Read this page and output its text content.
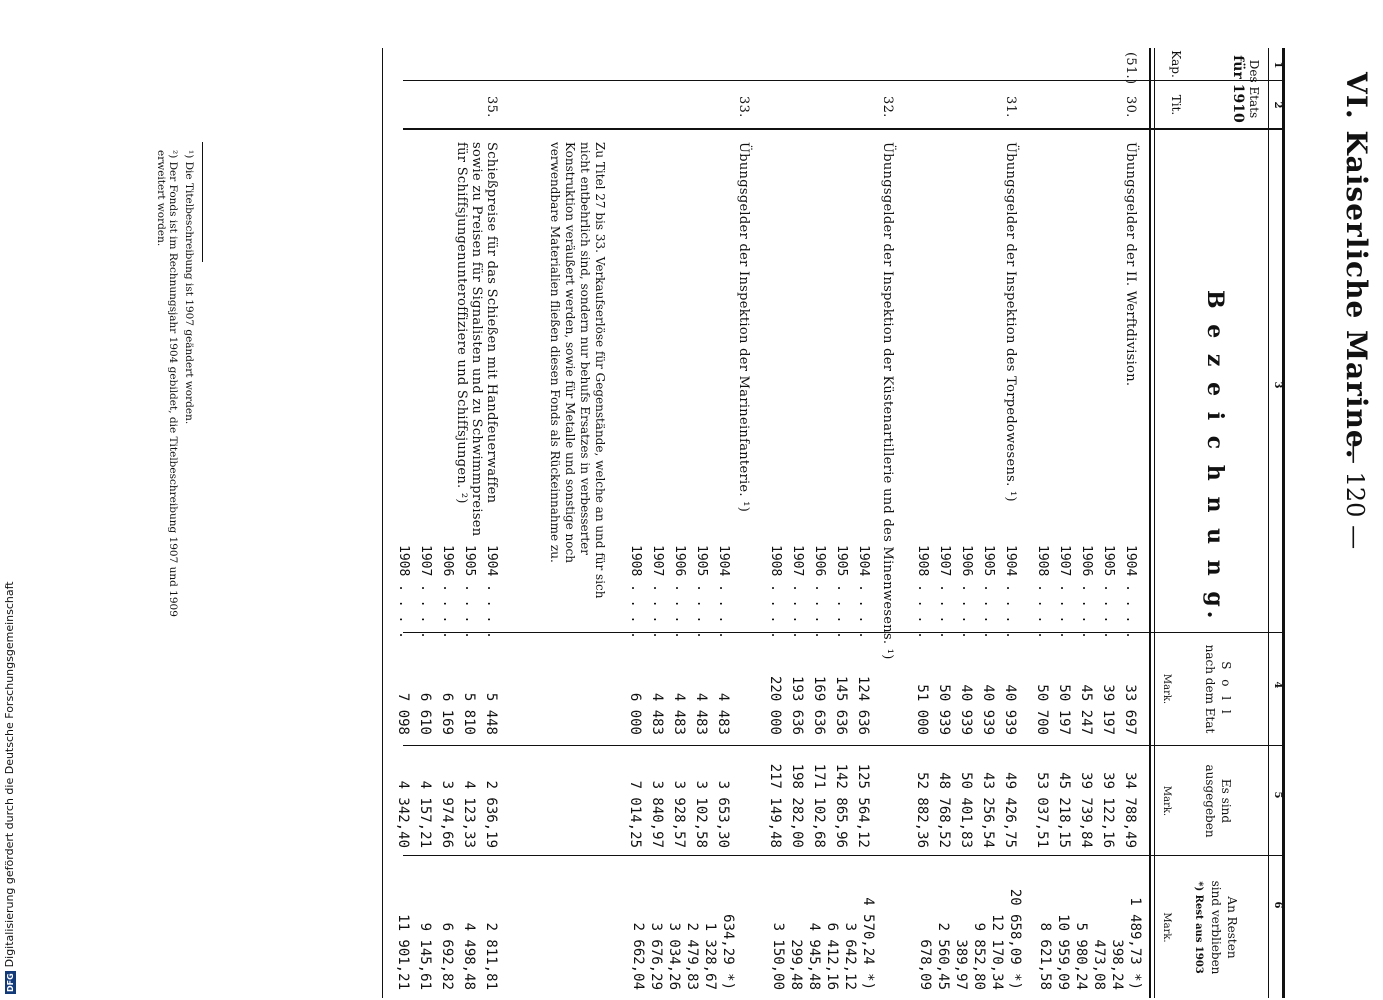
DFGDigitalisierung gefördert durch die Deutsche Forschungsgemeinschaft
VI. Kaiserliche Marine.
— 120 —
1
2
3
4
5
6
Des Etats
für 1910
Kap.
Tit.
B e z e i c h n u n g.
S o l l
nach dem Etat
Mark.
Es sind
ausgegeben
Mark.
An Resten
sind verblieben
*) Rest aus 1903
Mark.
(51.)
30.
Übungsgelder der II. Werftdivision.
1904 . . . .
1905 . . . .
1906 . . . .
1907 . . . .
1908 . . . .
33 697
39 197
45 247
50 197
50 700
34 788,49
39 122,16
39 739,84
45 218,15
53 037,51
1 489,73 *)
398,24
473,08
5 980,24
10 959,09
8 621,58
31.
Übungsgelder der Inspektion des Torpedowesens. ¹)
1904 . . . .
1905 . . . .
1906 . . . .
1907 . . . .
1908 . . . .
40 939
40 939
40 939
50 939
51 000
49 426,75
43 256,54
50 401,83
48 768,52
52 882,36
20 658,09 *)
12 170,34
9 852,80
389,97
2 560,45
678,09
32.
Übungsgelder der Inspektion der Küstenartillerie und des Minenwesens. ¹)
1904 . . . .
1905 . . . .
1906 . . . .
1907 . . . .
1908 . . . .
124 636
145 636
169 636
193 636
220 000
125 564,12
142 865,96
171 102,68
198 282,00
217 149,48
4 570,24 *)
3 642,12
6 412,16
4 945,48
299,48
3 150,00
33.
Übungsgelder der Inspektion der Marineinfanterie. ¹)
1904 . . . .
1905 . . . .
1906 . . . .
1907 . . . .
1908 . . . .
4 483
4 483
4 483
4 483
6 000
3 653,30
3 102,58
3 928,57
3 840,97
7 014,25
634,29 *)
1 328,67
2 479,83
3 034,26
3 676,29
2 662,04
Zu Titel 27 bis 33. Verkaufserlöse für Gegenstände, welche an und für sich nicht entbehrlich sind, sondern nur behufs Ersatzes in verbesserter Konstruktion veräußert werden, sowie für Metalle und sonstige noch verwendbare Materialien fließen diesen Fonds als Rückeinnahme zu.
35.
Schießpreise für das Schießen mit Handfeuerwaffen sowie zu Preisen für Signalisten und zu Schwimmpreisen für Schiffsjungenunteroffiziere und Schiffsjungen. ²)
1904 . . . .
1905 . . . .
1906 . . . .
1907 . . . .
1908 . . . .
5 448
5 810
6 169
6 610
7 098
2 636,19
4 123,33
3 974,66
4 157,21
4 342,40
2 811,81
4 498,48
6 692,82
9 145,61
11 901,21
¹) Die Titelbeschreibung ist 1907 geändert worden.
²) Der Fonds ist im Rechnungsjahr 1904 gebildet, die Titelbeschreibung 1907 und 1909 erweitert worden.
